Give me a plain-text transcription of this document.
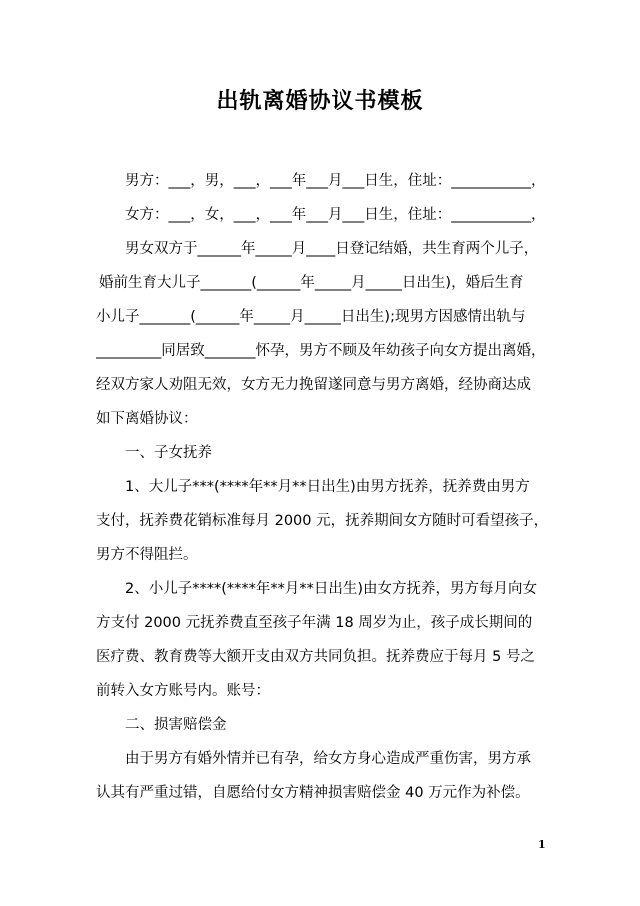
出轨离婚协议书模板
男方：___，男，___，___年___月___日生，住址：___________，
女方：___，女，___，___年___月___日生，住址：___________，
男女双方于______年_____月____日登记结婚，共生育两个儿子，
婚前生育大儿子_______(______年_____月_____日出生)，婚后生育
小儿子_______(______年_____月_____日出生);现男方因感情出轨与
_________同居致_______怀孕，男方不顾及年幼孩子向女方提出离婚，
经双方家人劝阻无效，女方无力挽留遂同意与男方离婚，经协商达成
如下离婚协议：
一、子女抚养
1、大儿子***(****年**月**日出生)由男方抚养，抚养费由男方
支付，抚养费花销标准每月 2000 元，抚养期间女方随时可看望孩子，
男方不得阻拦。
2、小儿子****(****年**月**日出生)由女方抚养，男方每月向女
方支付 2000 元抚养费直至孩子年满 18 周岁为止，孩子成长期间的
医疗费、教育费等大额开支由双方共同负担。抚养费应于每月 5 号之
前转入女方账号内。账号：
二、损害赔偿金
由于男方有婚外情并已有孕，给女方身心造成严重伤害，男方承
认其有严重过错，自愿给付女方精神损害赔偿金 40 万元作为补偿。
1
